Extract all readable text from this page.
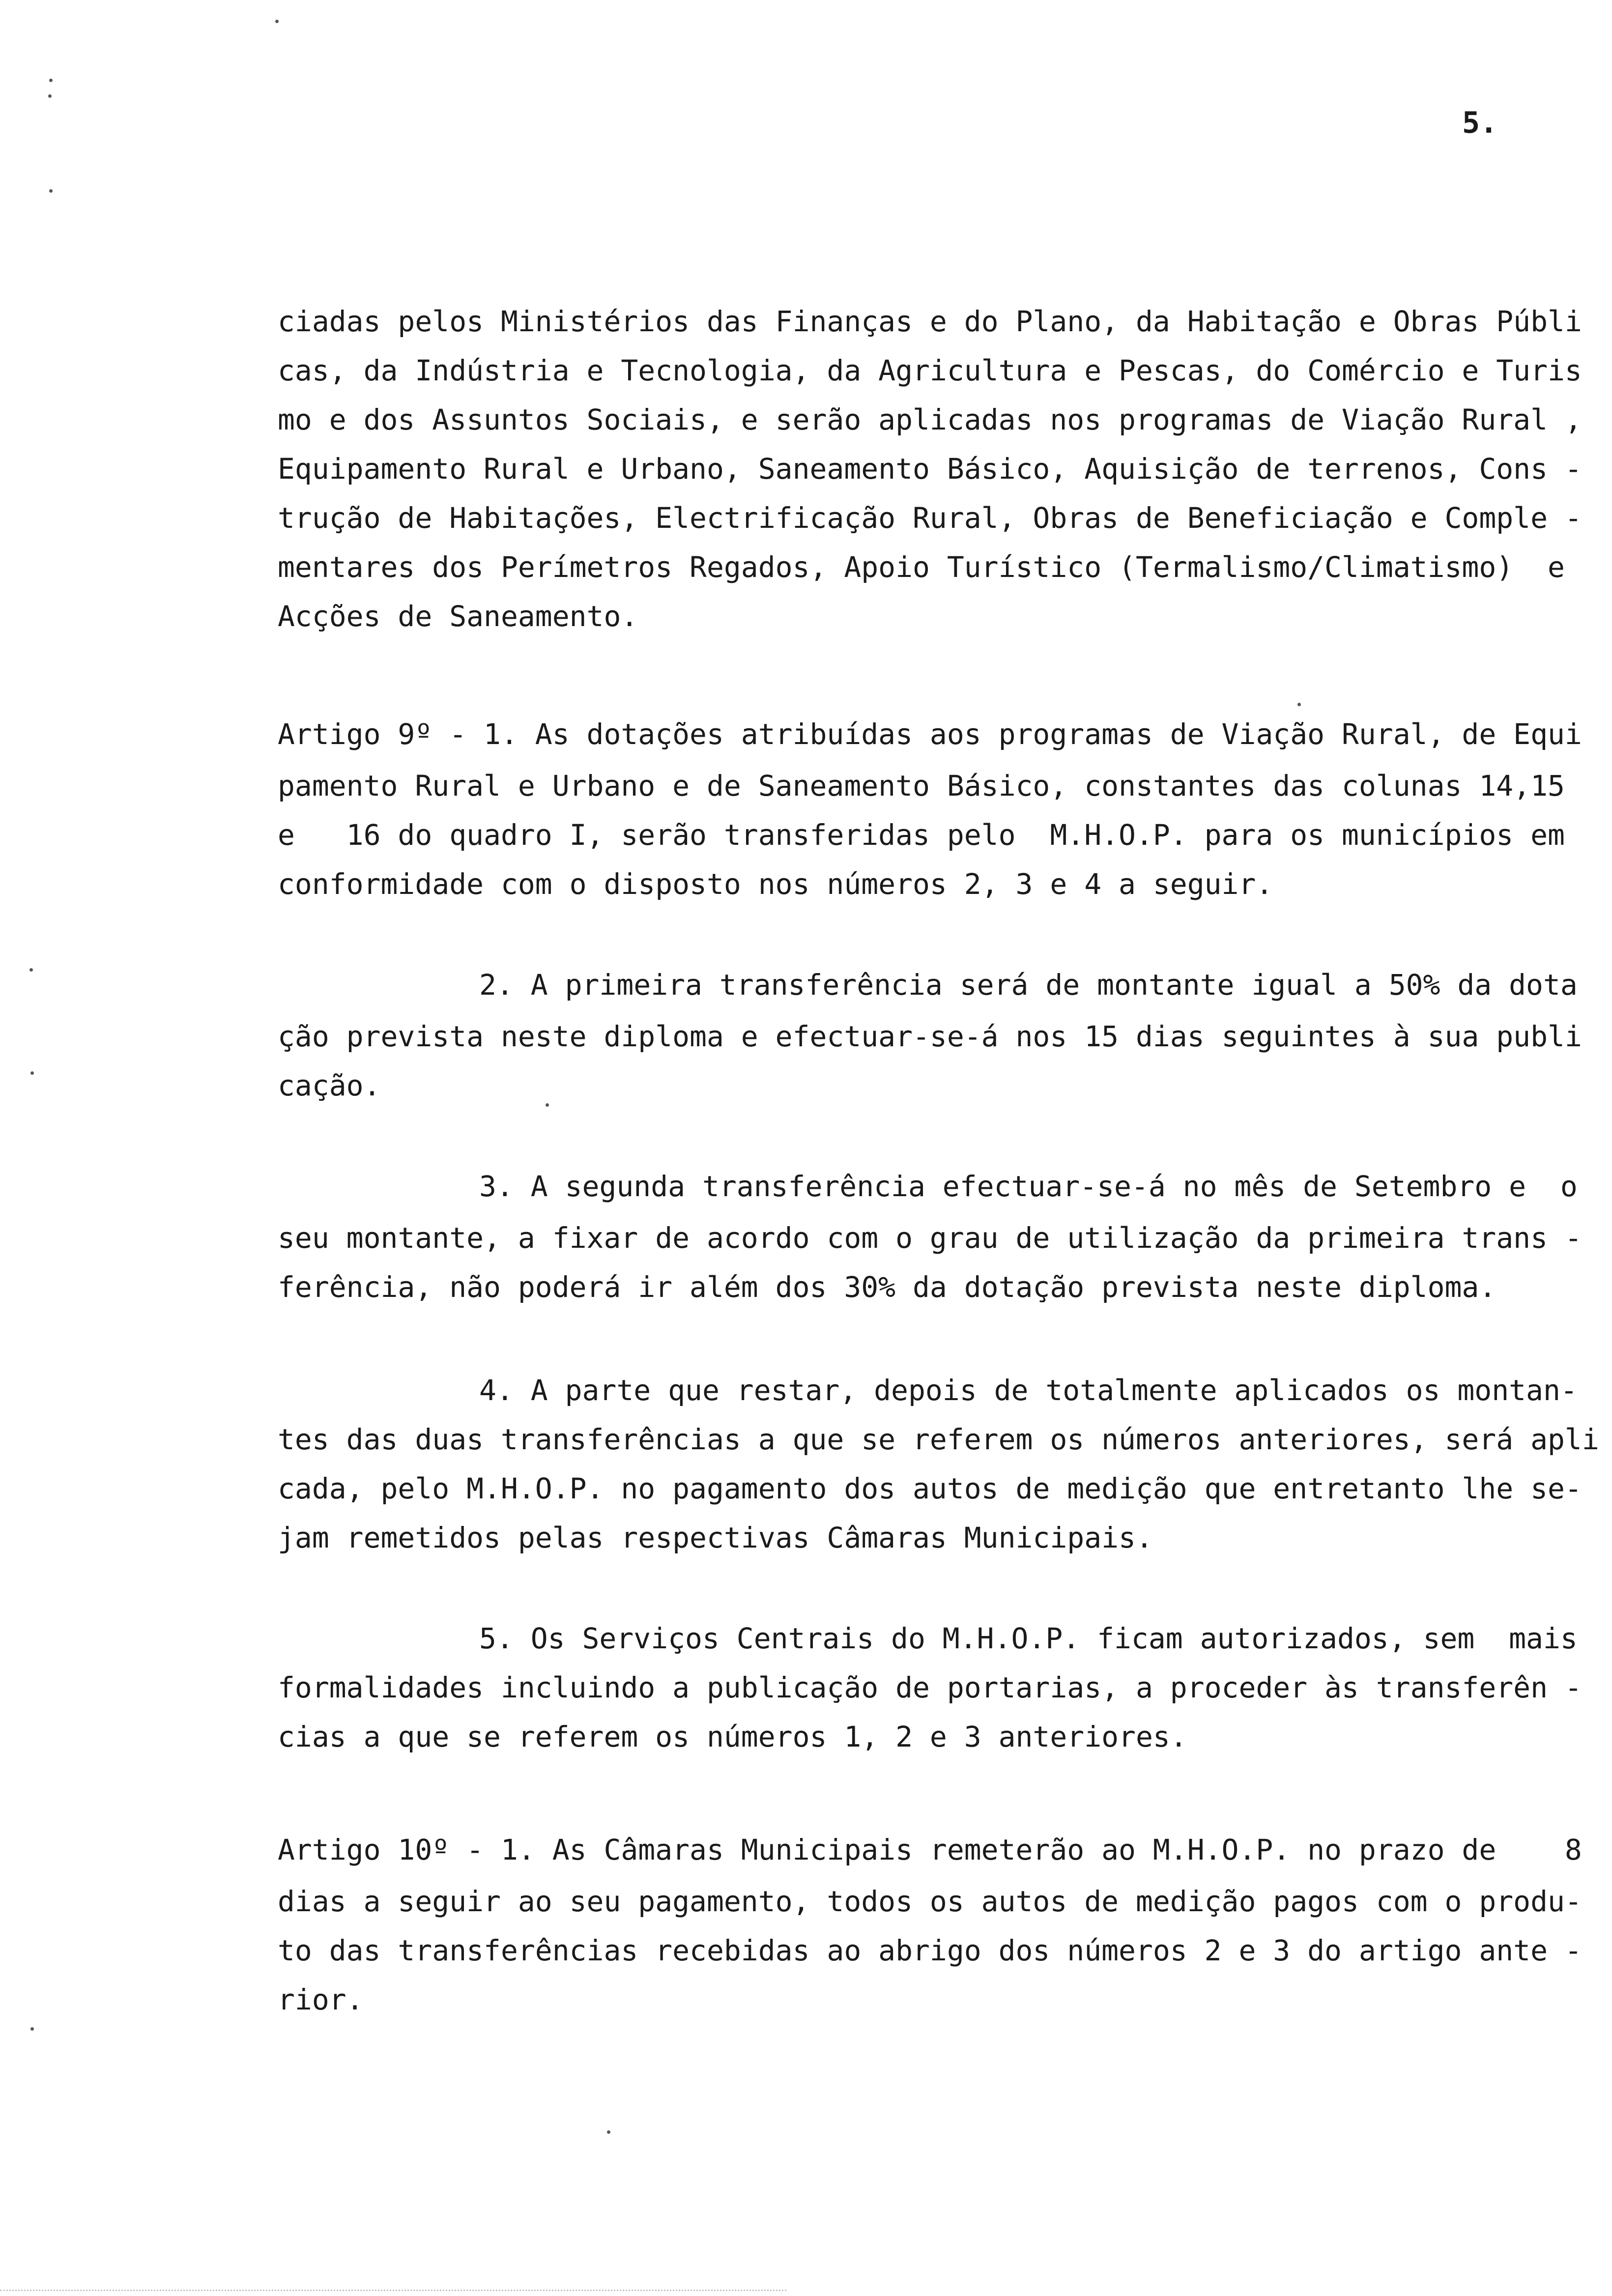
5.
ciadas pelos Ministérios das Finanças e do Plano, da Habitação e Obras Públi
cas, da Indústria e Tecnologia, da Agricultura e Pescas, do Comércio e Turis
mo e dos Assuntos Sociais, e serão aplicadas nos programas de Viação Rural ,
Equipamento Rural e Urbano, Saneamento Básico, Aquisição de terrenos, Cons -
trução de Habitações, Electrificação Rural, Obras de Beneficiação e Comple -
mentares dos Perímetros Regados, Apoio Turístico (Termalismo/Climatismo)  e
Acções de Saneamento.
Artigo 9º - 1. As dotações atribuídas aos programas de Viação Rural, de Equi
pamento Rural e Urbano e de Saneamento Básico, constantes das colunas 14,15
e   16 do quadro I, serão transferidas pelo  M.H.O.P. para os municípios em
conformidade com o disposto nos números 2, 3 e 4 a seguir.
2. A primeira transferência será de montante igual a 50% da dota
ção prevista neste diploma e efectuar-se-á nos 15 dias seguintes à sua publi
cação.
3. A segunda transferência efectuar-se-á no mês de Setembro e  o
seu montante, a fixar de acordo com o grau de utilização da primeira trans -
ferência, não poderá ir além dos 30% da dotação prevista neste diploma.
4. A parte que restar, depois de totalmente aplicados os montan-
tes das duas transferências a que se referem os números anteriores, será apli
cada, pelo M.H.O.P. no pagamento dos autos de medição que entretanto lhe se-
jam remetidos pelas respectivas Câmaras Municipais.
5. Os Serviços Centrais do M.H.O.P. ficam autorizados, sem  mais
formalidades incluindo a publicação de portarias, a proceder às transferên -
cias a que se referem os números 1, 2 e 3 anteriores.
Artigo 10º - 1. As Câmaras Municipais remeterão ao M.H.O.P. no prazo de    8
dias a seguir ao seu pagamento, todos os autos de medição pagos com o produ-
to das transferências recebidas ao abrigo dos números 2 e 3 do artigo ante -
rior.
